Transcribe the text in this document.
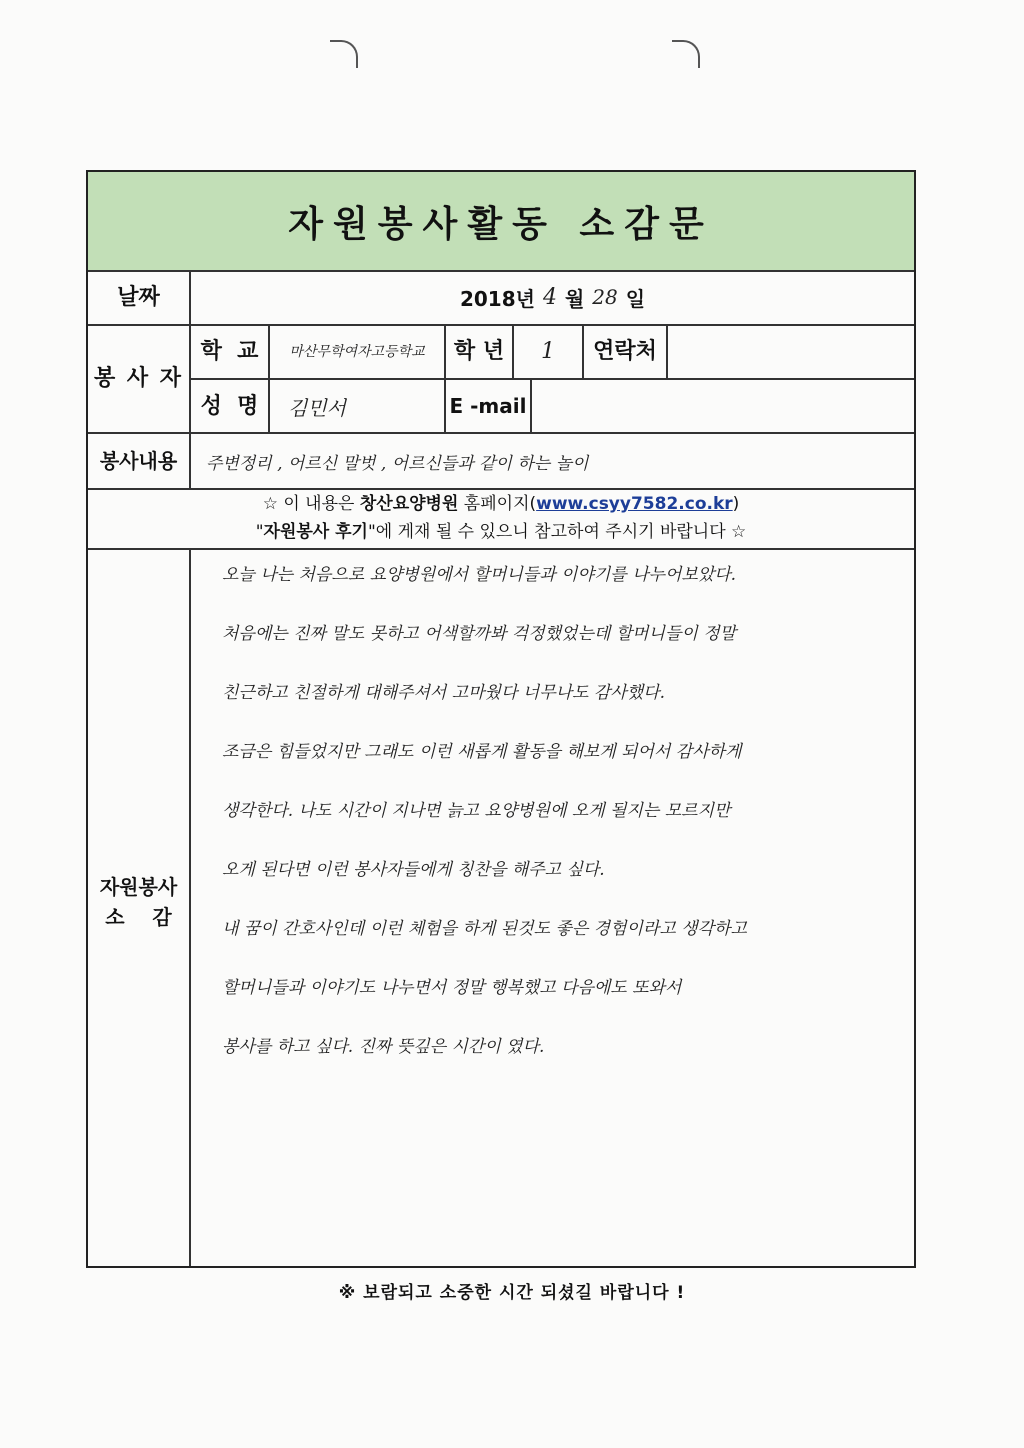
자원봉사활동 소감문
날짜	2018년 4 월 28 일
봉 사 자
학  교	마산무학여자고등학교	학 년	1	연락처
성  명	김민서	E -mail
봉사내용	주변정리 , 어르신 말벗 , 어르신들과 같이 하는 놀이
☆ 이 내용은 창산요양병원 홈페이지(www.csyy7582.co.kr)
"자원봉사 후기"에 게재 될 수 있으니 참고하여 주시기 바랍니다 ☆
자원봉사
소    감
오늘 나는 처음으로 요양병원에서 할머니들과 이야기를 나누어보았다.
처음에는 진짜 말도 못하고 어색할까봐 걱정했었는데 할머니들이 정말
친근하고 친절하게 대해주셔서 고마웠다 너무나도 감사했다.
조금은 힘들었지만 그래도 이런 새롭게 활동을 해보게 되어서 감사하게
생각한다. 나도 시간이 지나면 늙고 요양병원에 오게 될지는 모르지만
오게 된다면 이런 봉사자들에게 칭찬을 해주고 싶다.
내 꿈이 간호사인데 이런 체험을 하게 된것도 좋은 경험이라고 생각하고
할머니들과 이야기도 나누면서 정말 행복했고 다음에도 또와서
봉사를 하고 싶다. 진짜 뜻깊은 시간이 였다.
※ 보람되고 소중한 시간 되셨길 바랍니다 !
